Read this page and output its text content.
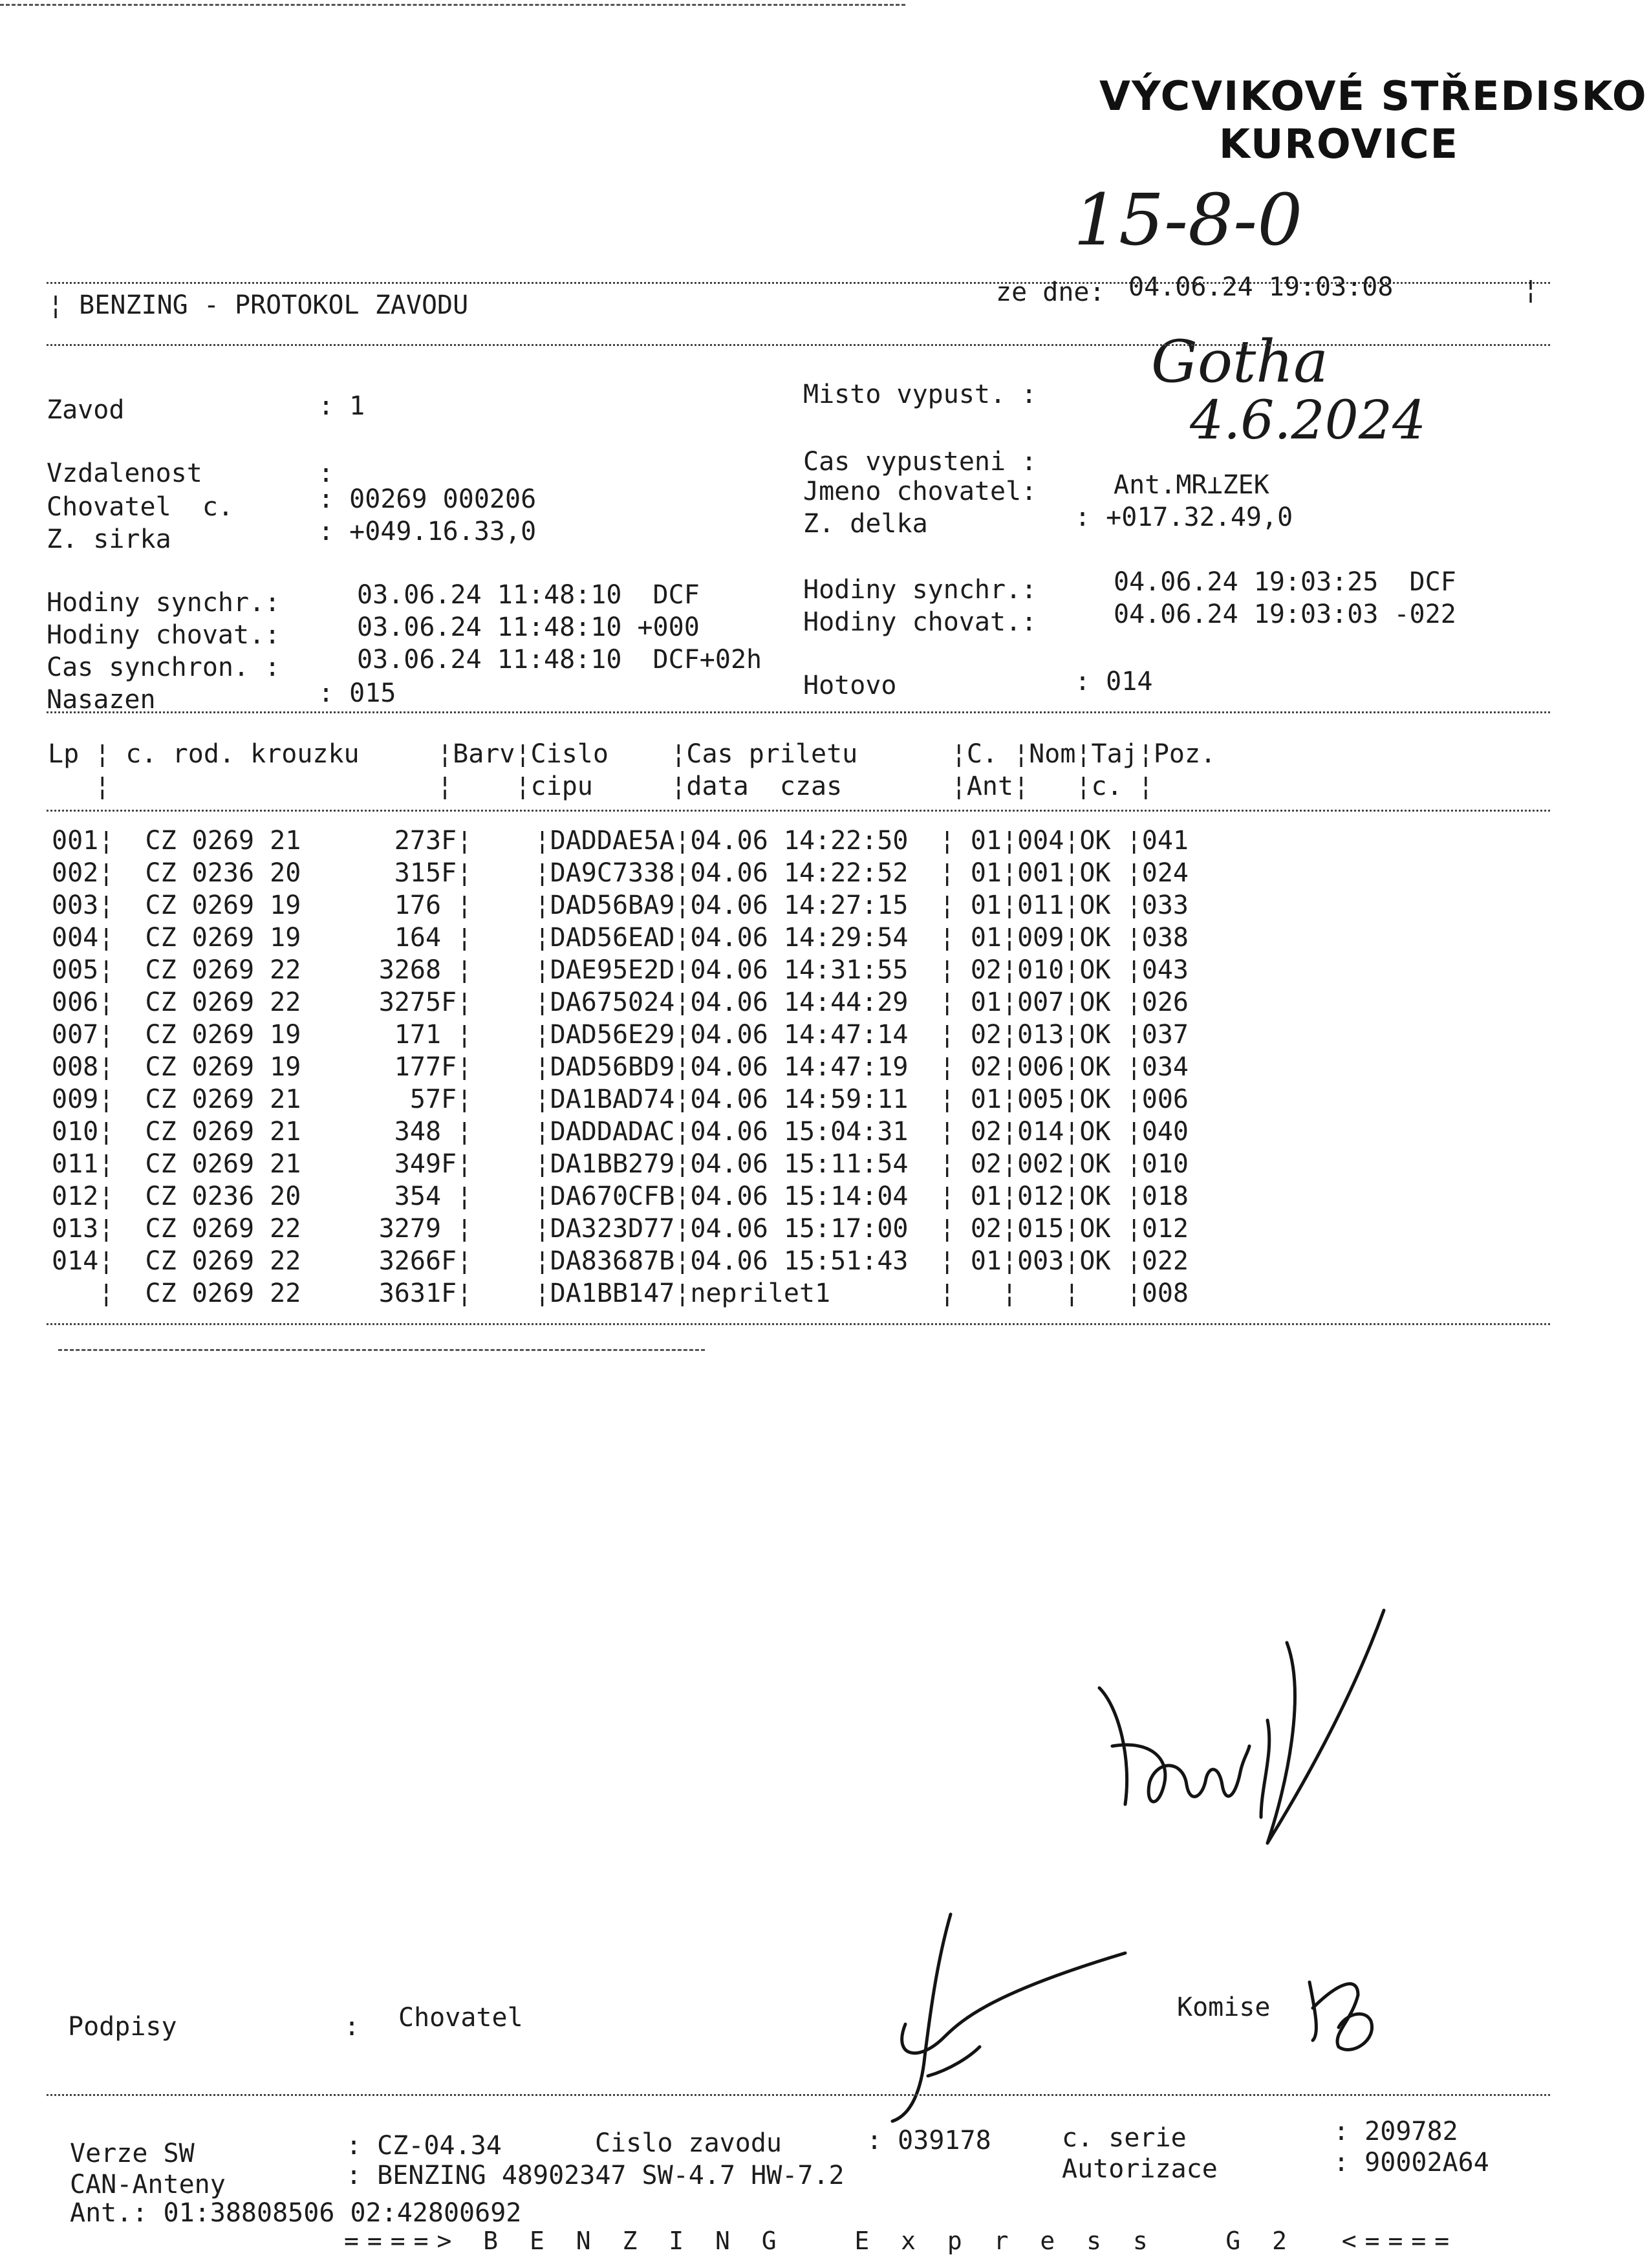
VÝCVIKOVÉ STŘEDISKO
KUROVICE
15-8-0
Gotha
4.6.2024
¦ BENZING - PROTOKOL ZAVODU	ze dne: 04.06.24 19:03:08	¦
Zavod	: 1	Misto vypust. :
Vzdalenost	:	Cas vypusteni :
Chovatel  c.	: 00269 000206	Jmeno chovatel:	Ant.MR⊥ZEK
Z. sirka	: +049.16.33,0	Z. delka	: +017.32.49,0
Hodiny synchr.:	03.06.24 11:48:10  DCF	Hodiny synchr.:	04.06.24 19:03:25  DCF
Hodiny chovat.:	03.06.24 11:48:10 +000	Hodiny chovat.:	04.06.24 19:03:03 -022
Cas synchron. :	03.06.24 11:48:10  DCF+02h
Hotovo	: 014
Nasazen	: 015
Lp ¦ c. rod. krouzku     ¦Barv¦Cislo    ¦Cas priletu      ¦C. ¦Nom¦Taj¦Poz.
¦                     ¦    ¦cipu     ¦data  czas       ¦Ant¦   ¦c. ¦
001¦  CZ 0269 21      273F¦    ¦DADDAE5A¦04.06 14:22:50  ¦ 01¦004¦OK ¦041
002¦  CZ 0236 20      315F¦    ¦DA9C7338¦04.06 14:22:52  ¦ 01¦001¦OK ¦024
003¦  CZ 0269 19      176 ¦    ¦DAD56BA9¦04.06 14:27:15  ¦ 01¦011¦OK ¦033
004¦  CZ 0269 19      164 ¦    ¦DAD56EAD¦04.06 14:29:54  ¦ 01¦009¦OK ¦038
005¦  CZ 0269 22     3268 ¦    ¦DAE95E2D¦04.06 14:31:55  ¦ 02¦010¦OK ¦043
006¦  CZ 0269 22     3275F¦    ¦DA675024¦04.06 14:44:29  ¦ 01¦007¦OK ¦026
007¦  CZ 0269 19      171 ¦    ¦DAD56E29¦04.06 14:47:14  ¦ 02¦013¦OK ¦037
008¦  CZ 0269 19      177F¦    ¦DAD56BD9¦04.06 14:47:19  ¦ 02¦006¦OK ¦034
009¦  CZ 0269 21       57F¦    ¦DA1BAD74¦04.06 14:59:11  ¦ 01¦005¦OK ¦006
010¦  CZ 0269 21      348 ¦    ¦DADDADAC¦04.06 15:04:31  ¦ 02¦014¦OK ¦040
011¦  CZ 0269 21      349F¦    ¦DA1BB279¦04.06 15:11:54  ¦ 02¦002¦OK ¦010
012¦  CZ 0236 20      354 ¦    ¦DA670CFB¦04.06 15:14:04  ¦ 01¦012¦OK ¦018
013¦  CZ 0269 22     3279 ¦    ¦DA323D77¦04.06 15:17:00  ¦ 02¦015¦OK ¦012
014¦  CZ 0269 22     3266F¦    ¦DA83687B¦04.06 15:51:43  ¦ 01¦003¦OK ¦022
¦  CZ 0269 22     3631F¦    ¦DA1BB147¦neprilet1       ¦   ¦   ¦   ¦008
Podpisy	: Chovatel	Komise
Verze SW	: CZ-04.34	Cislo zavodu	: 039178	c. serie	: 209782
CAN-Anteny	: BENZING 48902347 SW-4.7 HW-7.2	Autorizace	: 90002A64
Ant.: 01:38808506 02:42800692
====> B E N Z I N G   E x p r e s s   G 2  <====
